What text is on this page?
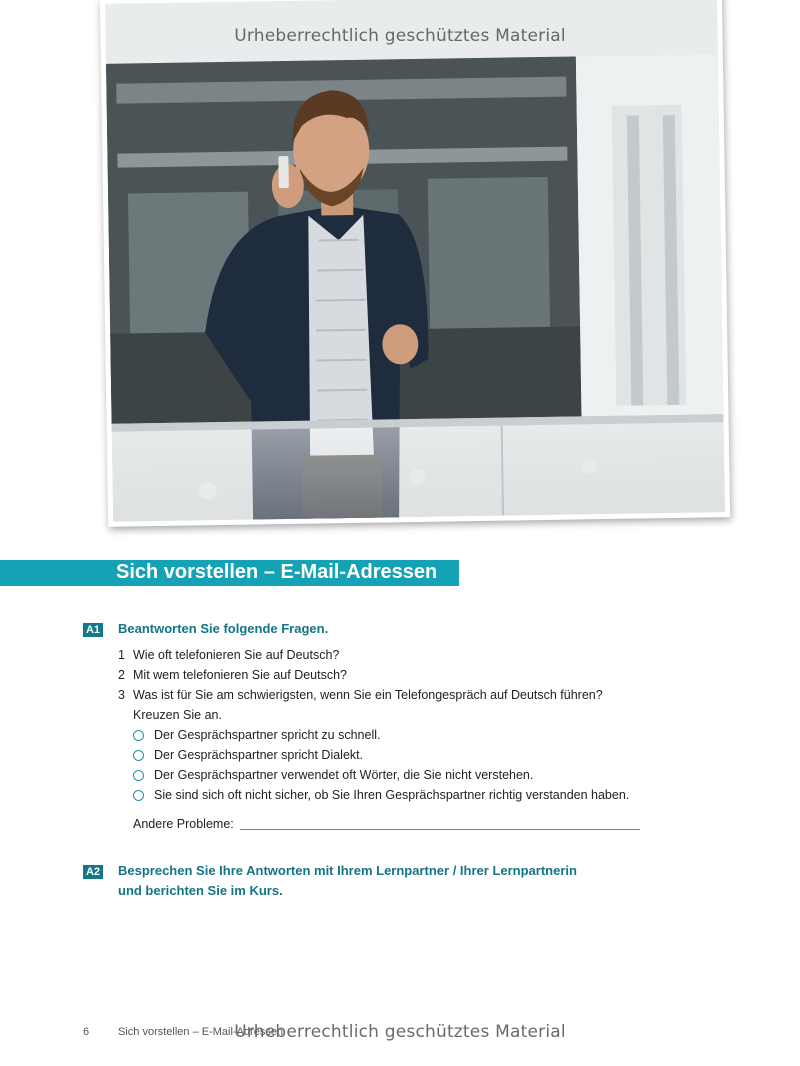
Urheberrechtlich geschütztes Material
Sich vorstellen – E-Mail-Adressen
A1 Beantworten Sie folgende Fragen.
1 Wie oft telefonieren Sie auf Deutsch?
2 Mit wem telefonieren Sie auf Deutsch?
3 Was ist für Sie am schwierigsten, wenn Sie ein Telefongespräch auf Deutsch führen?
Kreuzen Sie an.
Der Gesprächspartner spricht zu schnell.
Der Gesprächspartner spricht Dialekt.
Der Gesprächspartner verwendet oft Wörter, die Sie nicht verstehen.
Sie sind sich oft nicht sicher, ob Sie Ihren Gesprächspartner richtig verstanden haben.
Andere Probleme:
A2 Besprechen Sie Ihre Antworten mit Ihrem Lernpartner / Ihrer Lernpartnerin
und berichten Sie im Kurs.
6	Sich vorstellen – E-Mail-Adressen
Urheberrechtlich geschütztes Material
